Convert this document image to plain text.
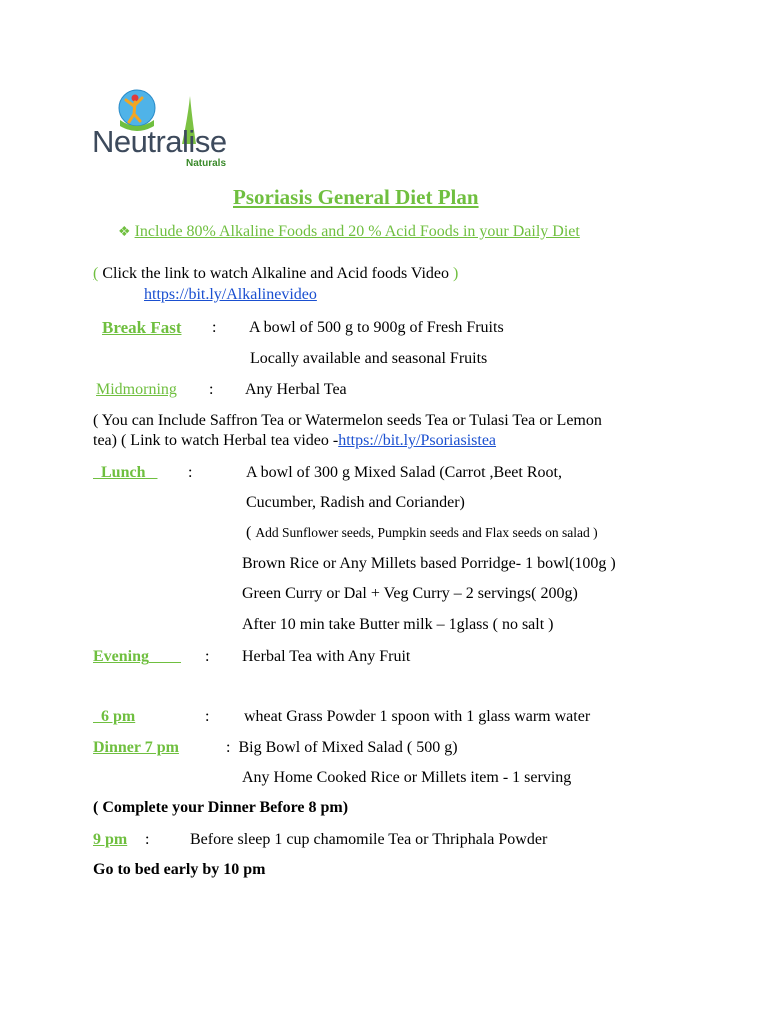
Neutralise
Naturals
Psoriasis General Diet Plan
❖ Include 80% Alkaline Foods and 20 % Acid Foods in your Daily Diet
( Click the link to watch Alkaline and Acid foods Video )
https://bit.ly/Alkalinevideo
Break Fast : A bowl of 500 g to 900g of Fresh Fruits
Locally available and seasonal Fruits
Midmorning : Any Herbal Tea
( You can Include Saffron Tea or Watermelon seeds Tea or Tulasi Tea or Lemon
tea) ( Link to watch Herbal tea video -https://bit.ly/Psoriasistea
Lunch	:	A bowl of 300 g Mixed Salad (Carrot ,Beet Root,
Cucumber, Radish and Coriander)
( Add Sunflower seeds, Pumpkin seeds and Flax seeds on salad )
Brown Rice or Any Millets based Porridge- 1 bowl(100g )
Green Curry or Dal + Veg Curry – 2 servings( 200g)
After 10 min take Butter milk – 1glass ( no salt )
Evening	: Herbal Tea with Any Fruit
6 pm	: wheat Grass Powder 1 spoon with 1 glass warm water
Dinner 7 pm	:  Big Bowl of Mixed Salad ( 500 g)
Any Home Cooked Rice or Millets item - 1 serving
( Complete your Dinner Before 8 pm)
9 pm :	Before sleep 1 cup chamomile Tea or Thriphala Powder
Go to bed early by 10 pm
